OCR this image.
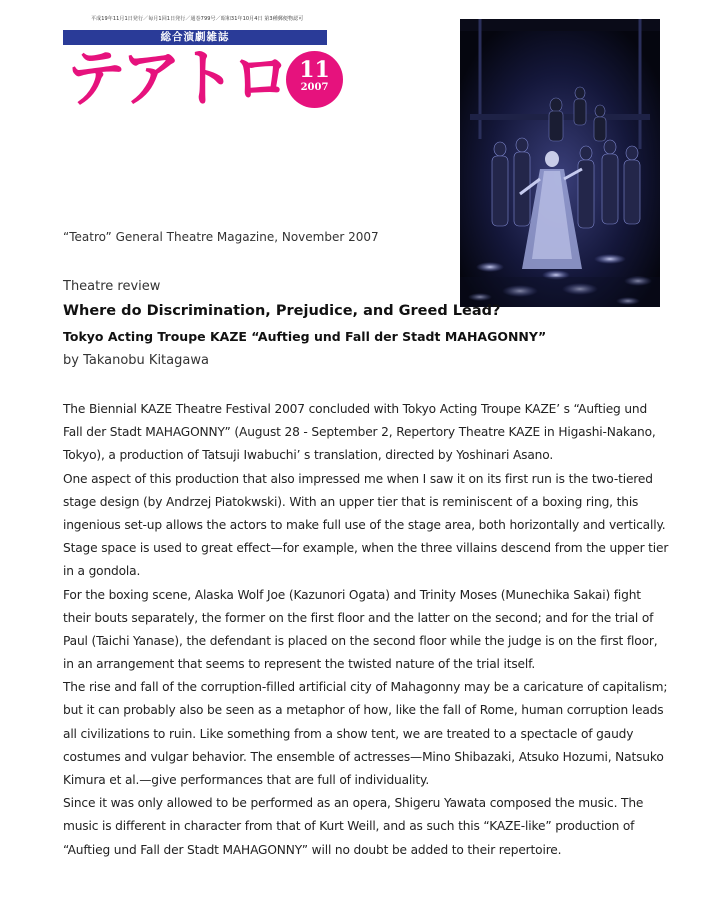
平成19年11月1日発行／毎月1回1日発行／通巻799号／昭和31年10月4日 第3種郵便物認可
総合演劇雑誌
テアトロ 11
2007
“Teatro” General Theatre Magazine, November 2007
Theatre review
Where do Discrimination, Prejudice, and Greed Lead?
Tokyo Acting Troupe KAZE “Auftieg und Fall der Stadt MAHAGONNY”
by Takanobu Kitagawa
The Biennial KAZE Theatre Festival 2007 concluded with Tokyo Acting Troupe KAZE’ s “Auftieg und
Fall der Stadt MAHAGONNY” (August 28 - September 2, Repertory Theatre KAZE in Higashi-Nakano,
Tokyo), a production of Tatsuji Iwabuchi’ s translation, directed by Yoshinari Asano.
One aspect of this production that also impressed me when I saw it on its first run is the two-tiered
stage design (by Andrzej Piatokwski). With an upper tier that is reminiscent of a boxing ring, this
ingenious set-up allows the actors to make full use of the stage area, both horizontally and vertically.
Stage space is used to great effect—for example, when the three villains descend from the upper tier
in a gondola.
For the boxing scene, Alaska Wolf Joe (Kazunori Ogata) and Trinity Moses (Munechika Sakai) fight
their bouts separately, the former on the first floor and the latter on the second; and for the trial of
Paul (Taichi Yanase), the defendant is placed on the second floor while the judge is on the first floor,
in an arrangement that seems to represent the twisted nature of the trial itself.
The rise and fall of the corruption-filled artificial city of Mahagonny may be a caricature of capitalism;
but it can probably also be seen as a metaphor of how, like the fall of Rome, human corruption leads
all civilizations to ruin. Like something from a show tent, we are treated to a spectacle of gaudy
costumes and vulgar behavior. The ensemble of actresses—Mino Shibazaki, Atsuko Hozumi, Natsuko
Kimura et al.—give performances that are full of individuality.
Since it was only allowed to be performed as an opera, Shigeru Yawata composed the music. The
music is different in character from that of Kurt Weill, and as such this “KAZE-like” production of
“Auftieg und Fall der Stadt MAHAGONNY” will no doubt be added to their repertoire.
